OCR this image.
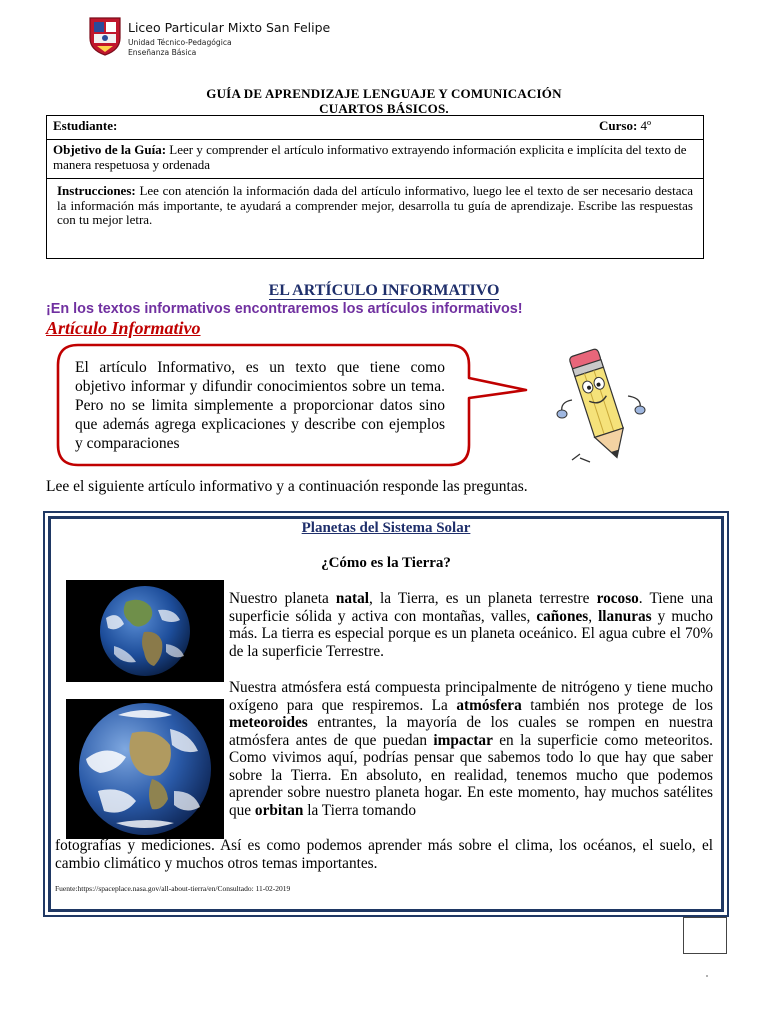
Liceo Particular Mixto San Felipe
Unidad Técnico-Pedagógica
Enseñanza Básica
GUÍA DE APRENDIZAJE LENGUAJE Y COMUNICACIÓN
CUARTOS BÁSICOS.
Estudiante:	Curso: 4º
Objetivo de la Guía: Leer y comprender el artículo informativo extrayendo información explicita e implícita del texto de manera respetuosa y ordenada
Instrucciones: Lee con atención la información dada del artículo informativo, luego lee el texto de ser necesario destaca la información más importante, te ayudará a comprender mejor, desarrolla tu guía de aprendizaje. Escribe las respuestas con tu mejor letra.
EL ARTÍCULO INFORMATIVO
¡En los textos informativos encontraremos los artículos informativos!
Artículo Informativo
El artículo Informativo, es un texto que tiene como objetivo informar y difundir conocimientos sobre un tema. Pero no se limita simplemente a proporcionar datos sino que además agrega explicaciones y describe con ejemplos y comparaciones
Lee el siguiente artículo informativo y a continuación responde las preguntas.
Planetas del Sistema Solar
¿Cómo es la Tierra?
Nuestro planeta natal, la Tierra, es un planeta terrestre rocoso. Tiene una superficie sólida y activa con montañas, valles, cañones, llanuras y mucho más. La tierra es especial porque es un planeta oceánico. El agua cubre el 70% de la superficie Terrestre.
Nuestra atmósfera está compuesta principalmente de nitrógeno y tiene mucho oxígeno para que respiremos. La atmósfera también nos protege de los meteoroides entrantes, la mayoría de los cuales se rompen en nuestra atmósfera antes de que puedan impactar en la superficie como meteoritos. Como vivimos aquí, podrías pensar que sabemos todo lo que hay que saber sobre la Tierra. En absoluto, en realidad, tenemos mucho que podemos aprender sobre nuestro planeta hogar. En este momento, hay muchos satélites que orbitan la Tierra tomando
fotografías y mediciones. Así es como podemos aprender más sobre el clima, los océanos, el suelo, el cambio climático y muchos otros temas importantes.
Fuente:https://spaceplace.nasa.gov/all-about-tierra/en/Consultado: 11-02-2019
